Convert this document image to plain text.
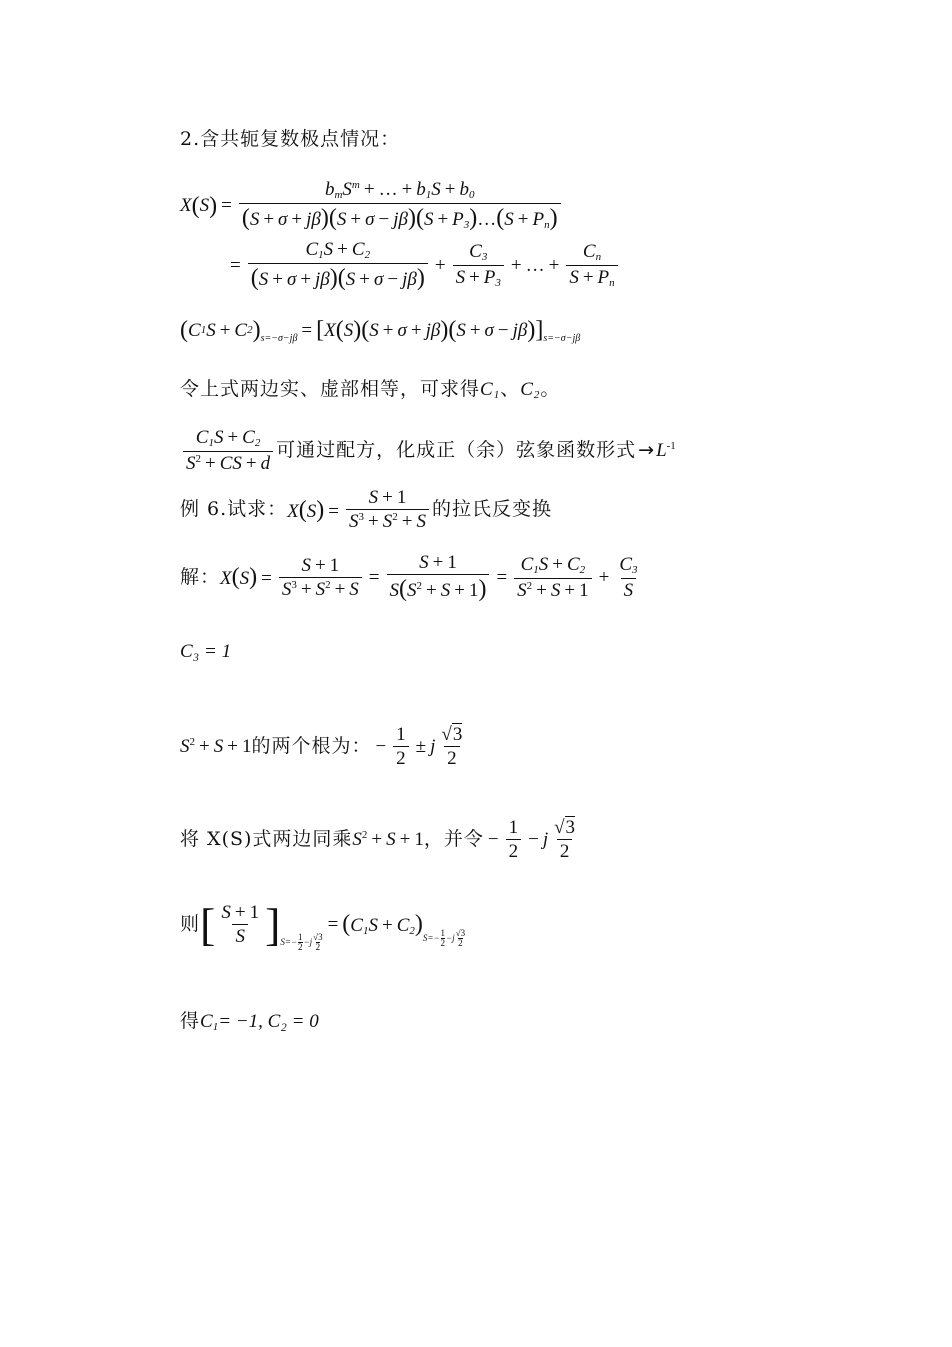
2.含共轭复数极点情况：
X ( S ) = $\frac{b_mS^m + \dots + b_1S + b_0}{(S + \sigma + j\beta)(S + \sigma - j\beta)(S + P_3)\dots(S + P_n)}$
= $\frac{C_1S + C_2}{(S + \sigma + j\beta)(S + \sigma - j\beta)} + \frac{C_3}{S + P_3}$ + … + $\frac{C_n}{S + P_n}$
( C 1 S + C 2 ) s=−σ−jβ = [ X ( S ) ( S + σ + jβ ) ( S + σ − jβ ) ] s=−σ−jβ
令上式两边实、虚部相等，可求得$C_1$、$C_2$。
$\frac{C_1S + C_2}{S^2 + CS + d}$ 可通过配方，化成正（余）弦象函数形式 → $L^{-1}$
例 6.试求： $X(S) = \frac{S + 1}{S^3 + S^2 + S}$ 的拉氏反变换
解： $X(S) = \frac{S + 1}{S^3 + S^2 + S} = \frac{S + 1}{S(S^2 + S + 1)} = \frac{C_1S + C_2}{S^2 + S + 1} + \frac{C_3}{S}$
C₃ = 1
$S^2 + S + 1$ 的两个根为： − $\frac{1}{2} \pm j \frac{√3}{2}$
将 X(S)式两边同乘 $S^2 + S + 1$ ，并令 − $\frac{1}{2} - j \frac{√3}{2}$
则 [ $\frac{S + 1}{S}$ ] S=− 1
2 −j √3
2
= $(C_1S + C_2)$
S=− 1
2 −j √3
2
得$C_1= -1$, C₂ = 0
